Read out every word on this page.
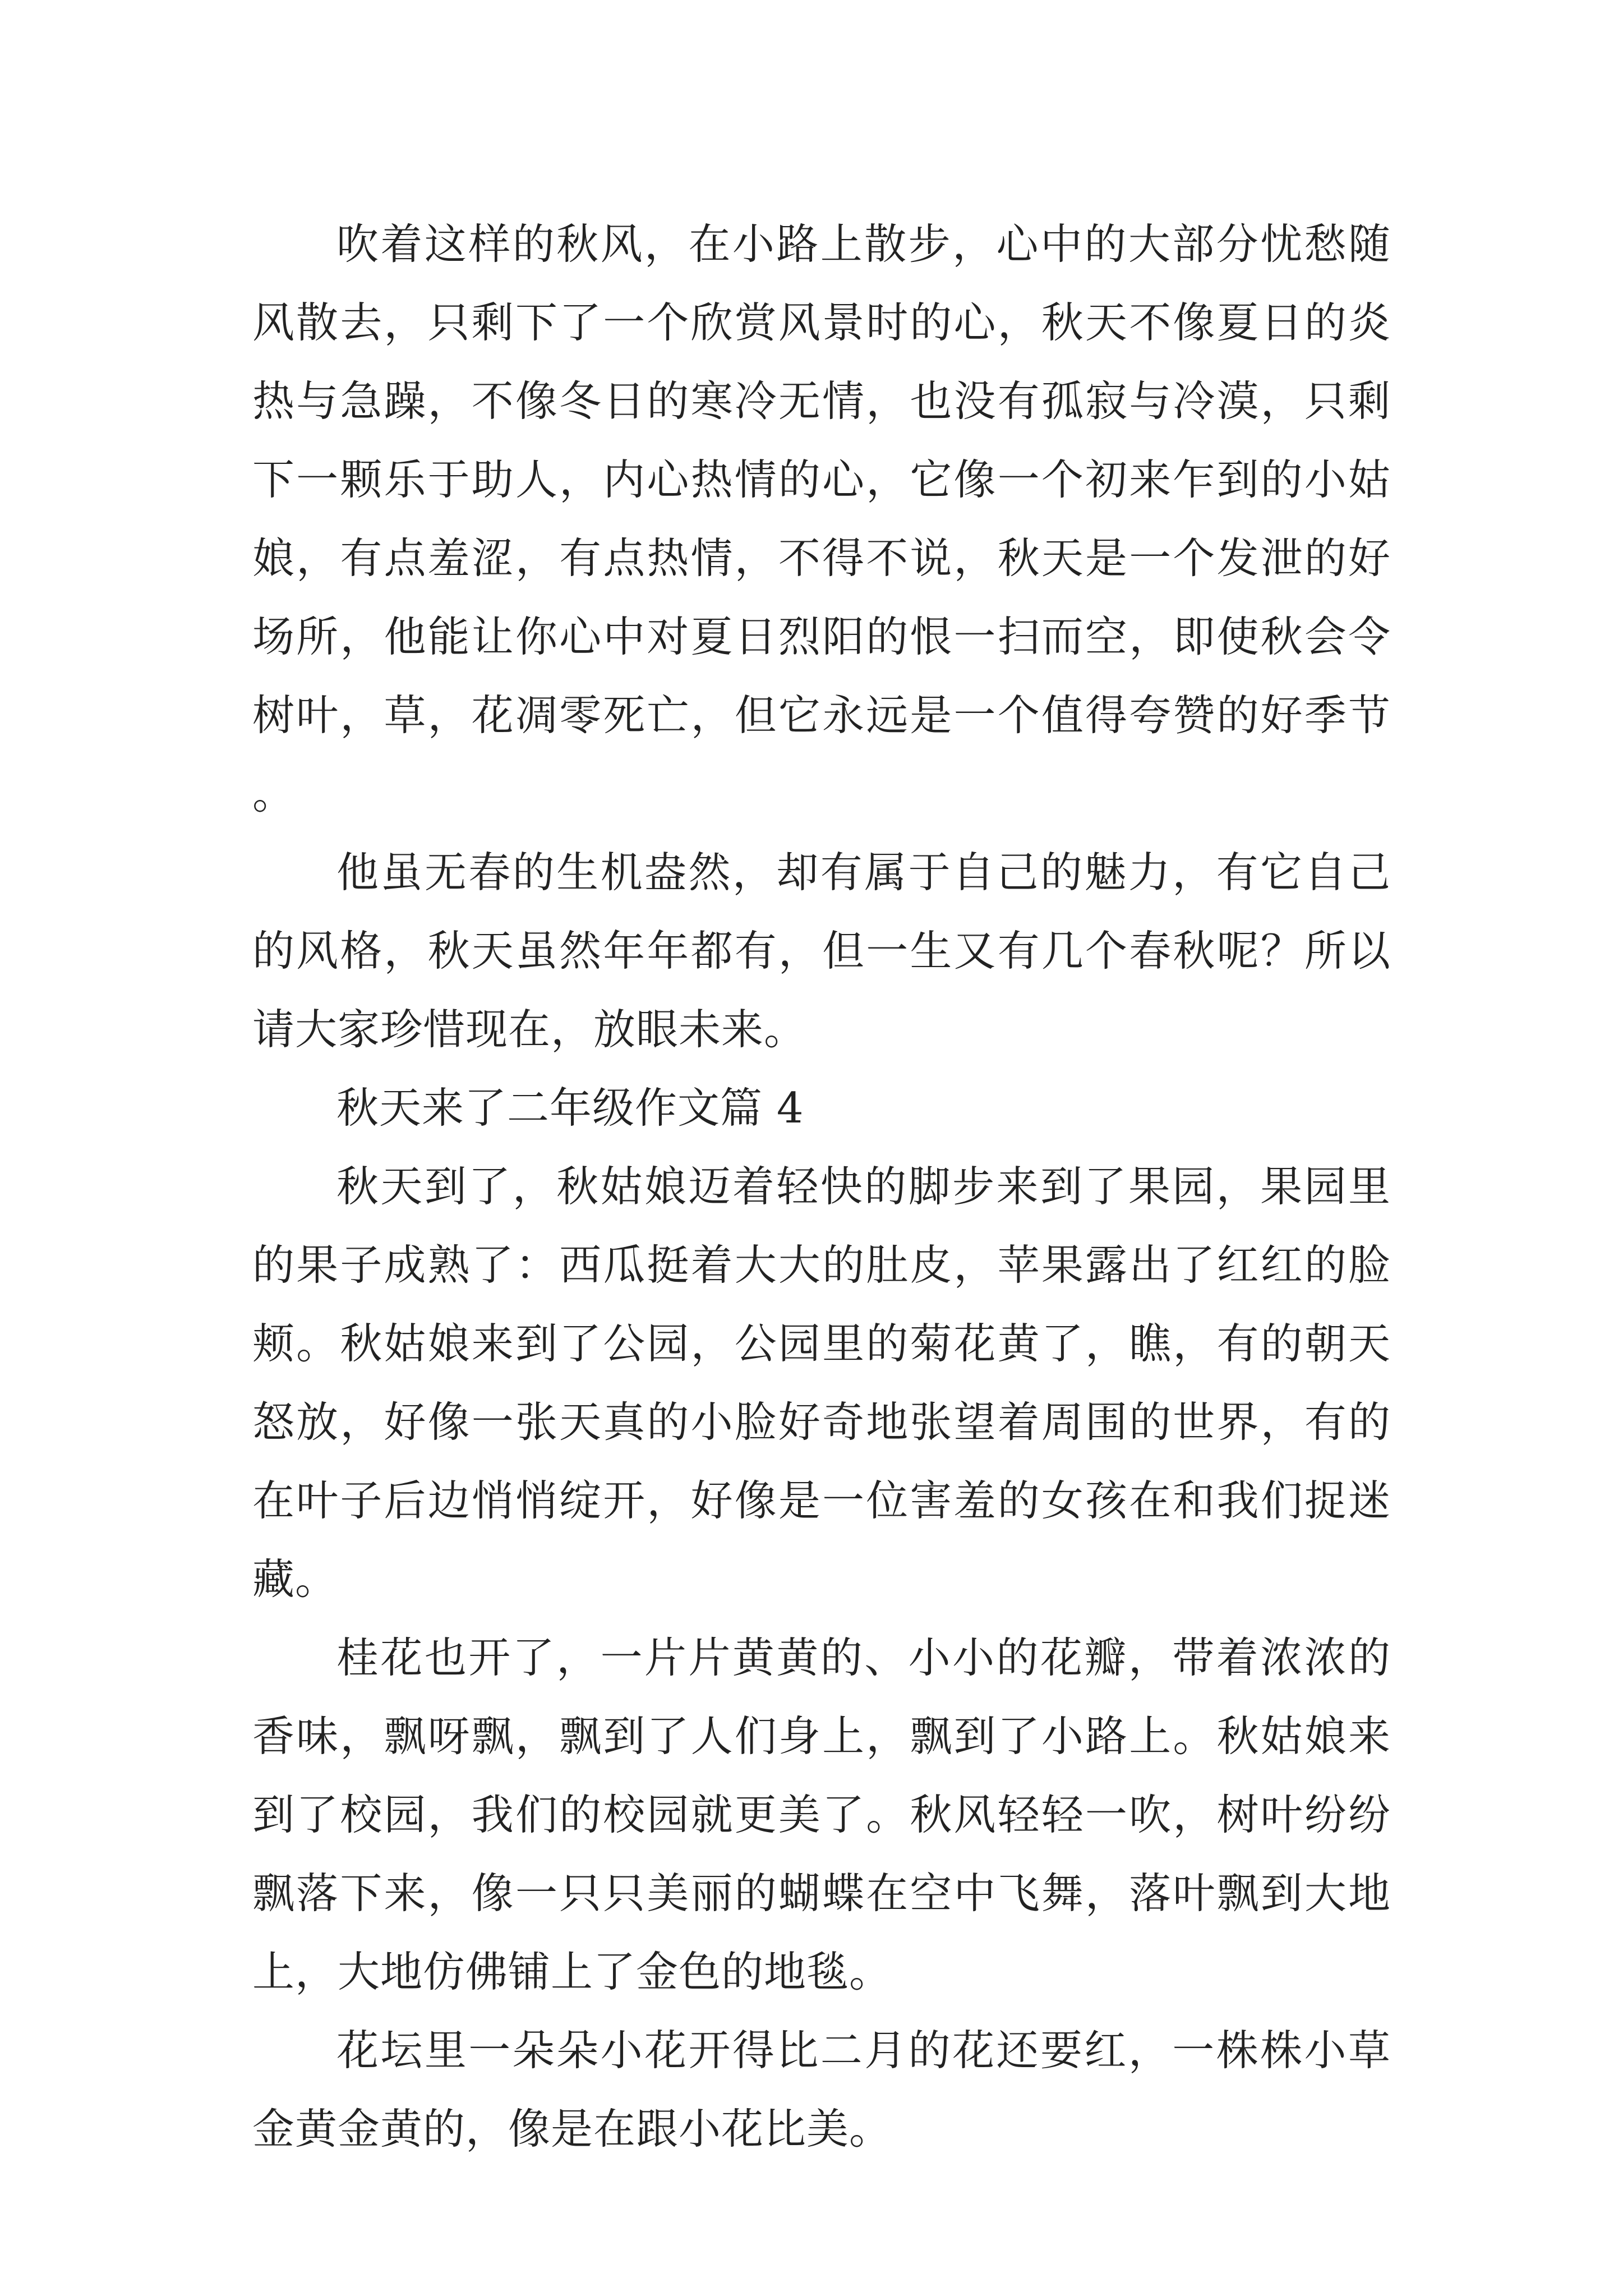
吹着这样的秋风，在小路上散步，心中的大部分忧愁随风散去，只剩下了一个欣赏风景时的心，秋天不像夏日的炎热与急躁，不像冬日的寒冷无情，也没有孤寂与冷漠，只剩下一颗乐于助人，内心热情的心，它像一个初来乍到的小姑娘，有点羞涩，有点热情，不得不说，秋天是一个发泄的好场所，他能让你心中对夏日烈阳的恨一扫而空，即使秋会令树叶，草，花凋零死亡，但它永远是一个值得夸赞的好季节。

他虽无春的生机盎然，却有属于自己的魅力，有它自己的风格，秋天虽然年年都有，但一生又有几个春秋呢？所以请大家珍惜现在，放眼未来。

秋天来了二年级作文篇 4

秋天到了，秋姑娘迈着轻快的脚步来到了果园，果园里的果子成熟了：西瓜挺着大大的肚皮，苹果露出了红红的脸颊。秋姑娘来到了公园，公园里的菊花黄了，瞧，有的朝天怒放，好像一张天真的小脸好奇地张望着周围的世界，有的在叶子后边悄悄绽开，好像是一位害羞的女孩在和我们捉迷藏。

桂花也开了，一片片黄黄的、小小的花瓣，带着浓浓的香味，飘呀飘，飘到了人们身上，飘到了小路上。秋姑娘来到了校园，我们的校园就更美了。秋风轻轻一吹，树叶纷纷飘落下来，像一只只美丽的蝴蝶在空中飞舞，落叶飘到大地上，大地仿佛铺上了金色的地毯。

花坛里一朵朵小花开得比二月的花还要红，一株株小草金黄金黄的，像是在跟小花比美。
